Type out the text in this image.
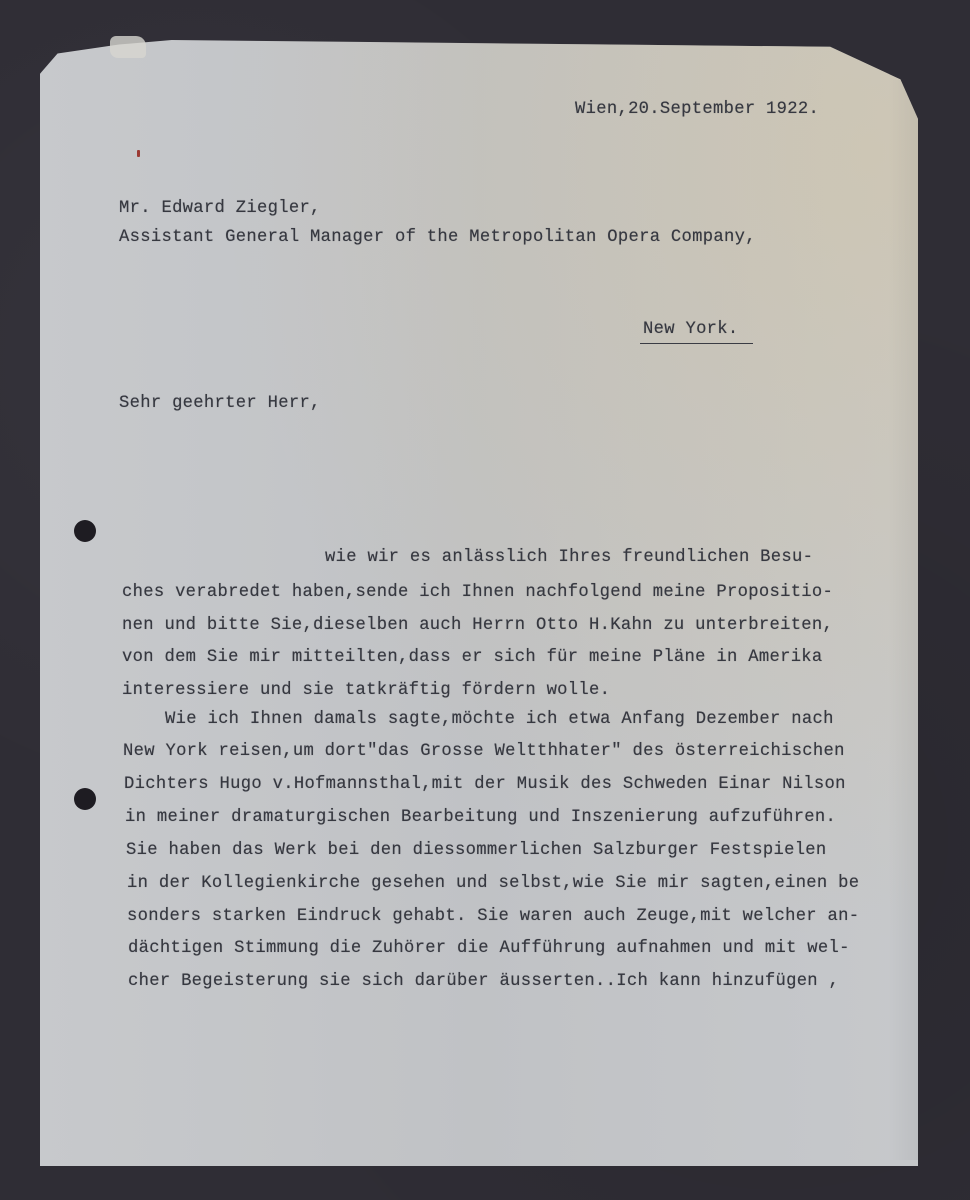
Wien,20.September 1922.
Mr. Edward Ziegler,
Assistant General Manager of the Metropolitan Opera Company,
New York.
Sehr geehrter Herr,
wie wir es anlässlich Ihres freundlichen Besu-
ches verabredet haben,sende ich Ihnen nachfolgend meine Propositio-
nen und bitte Sie,dieselben auch Herrn Otto H.Kahn zu unterbreiten,
von dem Sie mir mitteilten,dass er sich für meine Pläne in Amerika
interessiere und sie tatkräftig fördern wolle.
Wie ich Ihnen damals sagte,möchte ich etwa Anfang Dezember nach
New York reisen,um dort"das Grosse Weltthhater" des österreichischen
Dichters Hugo v.Hofmannsthal,mit der Musik des Schweden Einar Nilson
in meiner dramaturgischen Bearbeitung und Inszenierung aufzuführen.
Sie haben das Werk bei den diessommerlichen Salzburger Festspielen
in der Kollegienkirche gesehen und selbst,wie Sie mir sagten,einen be
sonders starken Eindruck gehabt. Sie waren auch Zeuge,mit welcher an-
dächtigen Stimmung die Zuhörer die Aufführung aufnahmen und mit wel-
cher Begeisterung sie sich darüber äusserten..Ich kann hinzufügen ,
